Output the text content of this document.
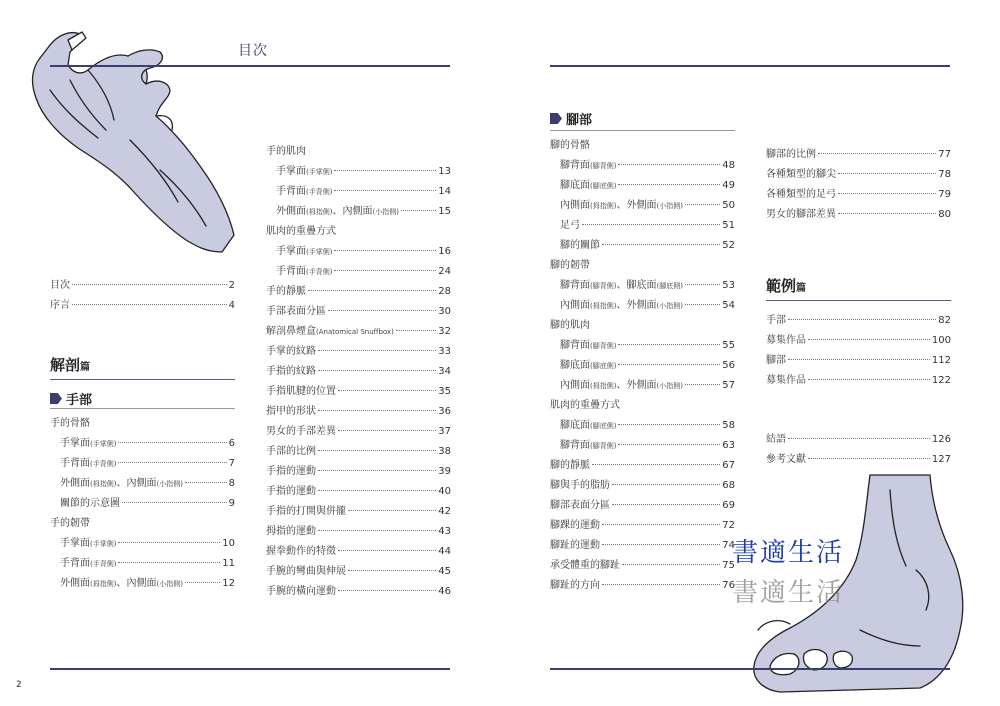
目次
目次	2
序言	4
解剖篇
手部
手的骨骼
手掌面 (手掌側)	6
手背面 (手背側)	7
外側面 (拇指側) 、內側面 (小指側)	8
關節的示意圖	9
手的韌帶
手掌面 (手掌側)	10
手背面 (手背側)	11
外側面 (拇指側) 、內側面 (小指側)	12
手的肌肉
手掌面 (手掌側)	13
手背面 (手背側)	14
外側面 (拇指側) 、內側面 (小指側)	15
肌肉的重疊方式
手掌面 (手掌側)	16
手背面 (手背側)	24
手的靜脈	28
手部表面分區	30
解剖鼻煙盒 (Anatomical Snuffbox)	32
手掌的紋路	33
手指的紋路	34
手指肌腱的位置	35
指甲的形狀	36
男女的手部差異	37
手部的比例	38
手指的運動	39
手指的運動	40
手指的打開與併攏	42
拇指的運動	43
握拳動作的特徵	44
手腕的彎曲與伸展	45
手腕的橫向運動	46
2
腳部
腳的骨骼
腳背面 (腳背側)	48
腳底面 (腳底側)	49
內側面 (拇指側) 、外側面 (小指側)	50
足弓	51
腳的關節	52
腳的韌帶
腳背面 (腳背側) 、腳底面 (腳底側)	53
內側面 (拇指側) 、外側面 (小指側)	54
腳的肌肉
腳背面 (腳背側)	55
腳底面 (腳底側)	56
內側面 (拇指側) 、外側面 (小指側)	57
肌肉的重疊方式
腳底面 (腳底側)	58
腳背面 (腳背側)	63
腳的靜脈	67
腳與手的脂肪	68
腳部表面分區	69
腳踝的運動	72
腳趾的運動	74
承受體重的腳趾	75
腳趾的方向	76
腳部的比例	77
各種類型的腳尖	78
各種類型的足弓	79
男女的腳部差異	80
範例篇
手部	82
募集作品	100
腳部	112
募集作品	122
結語	126
參考文獻	127
書適生活
書適生活
